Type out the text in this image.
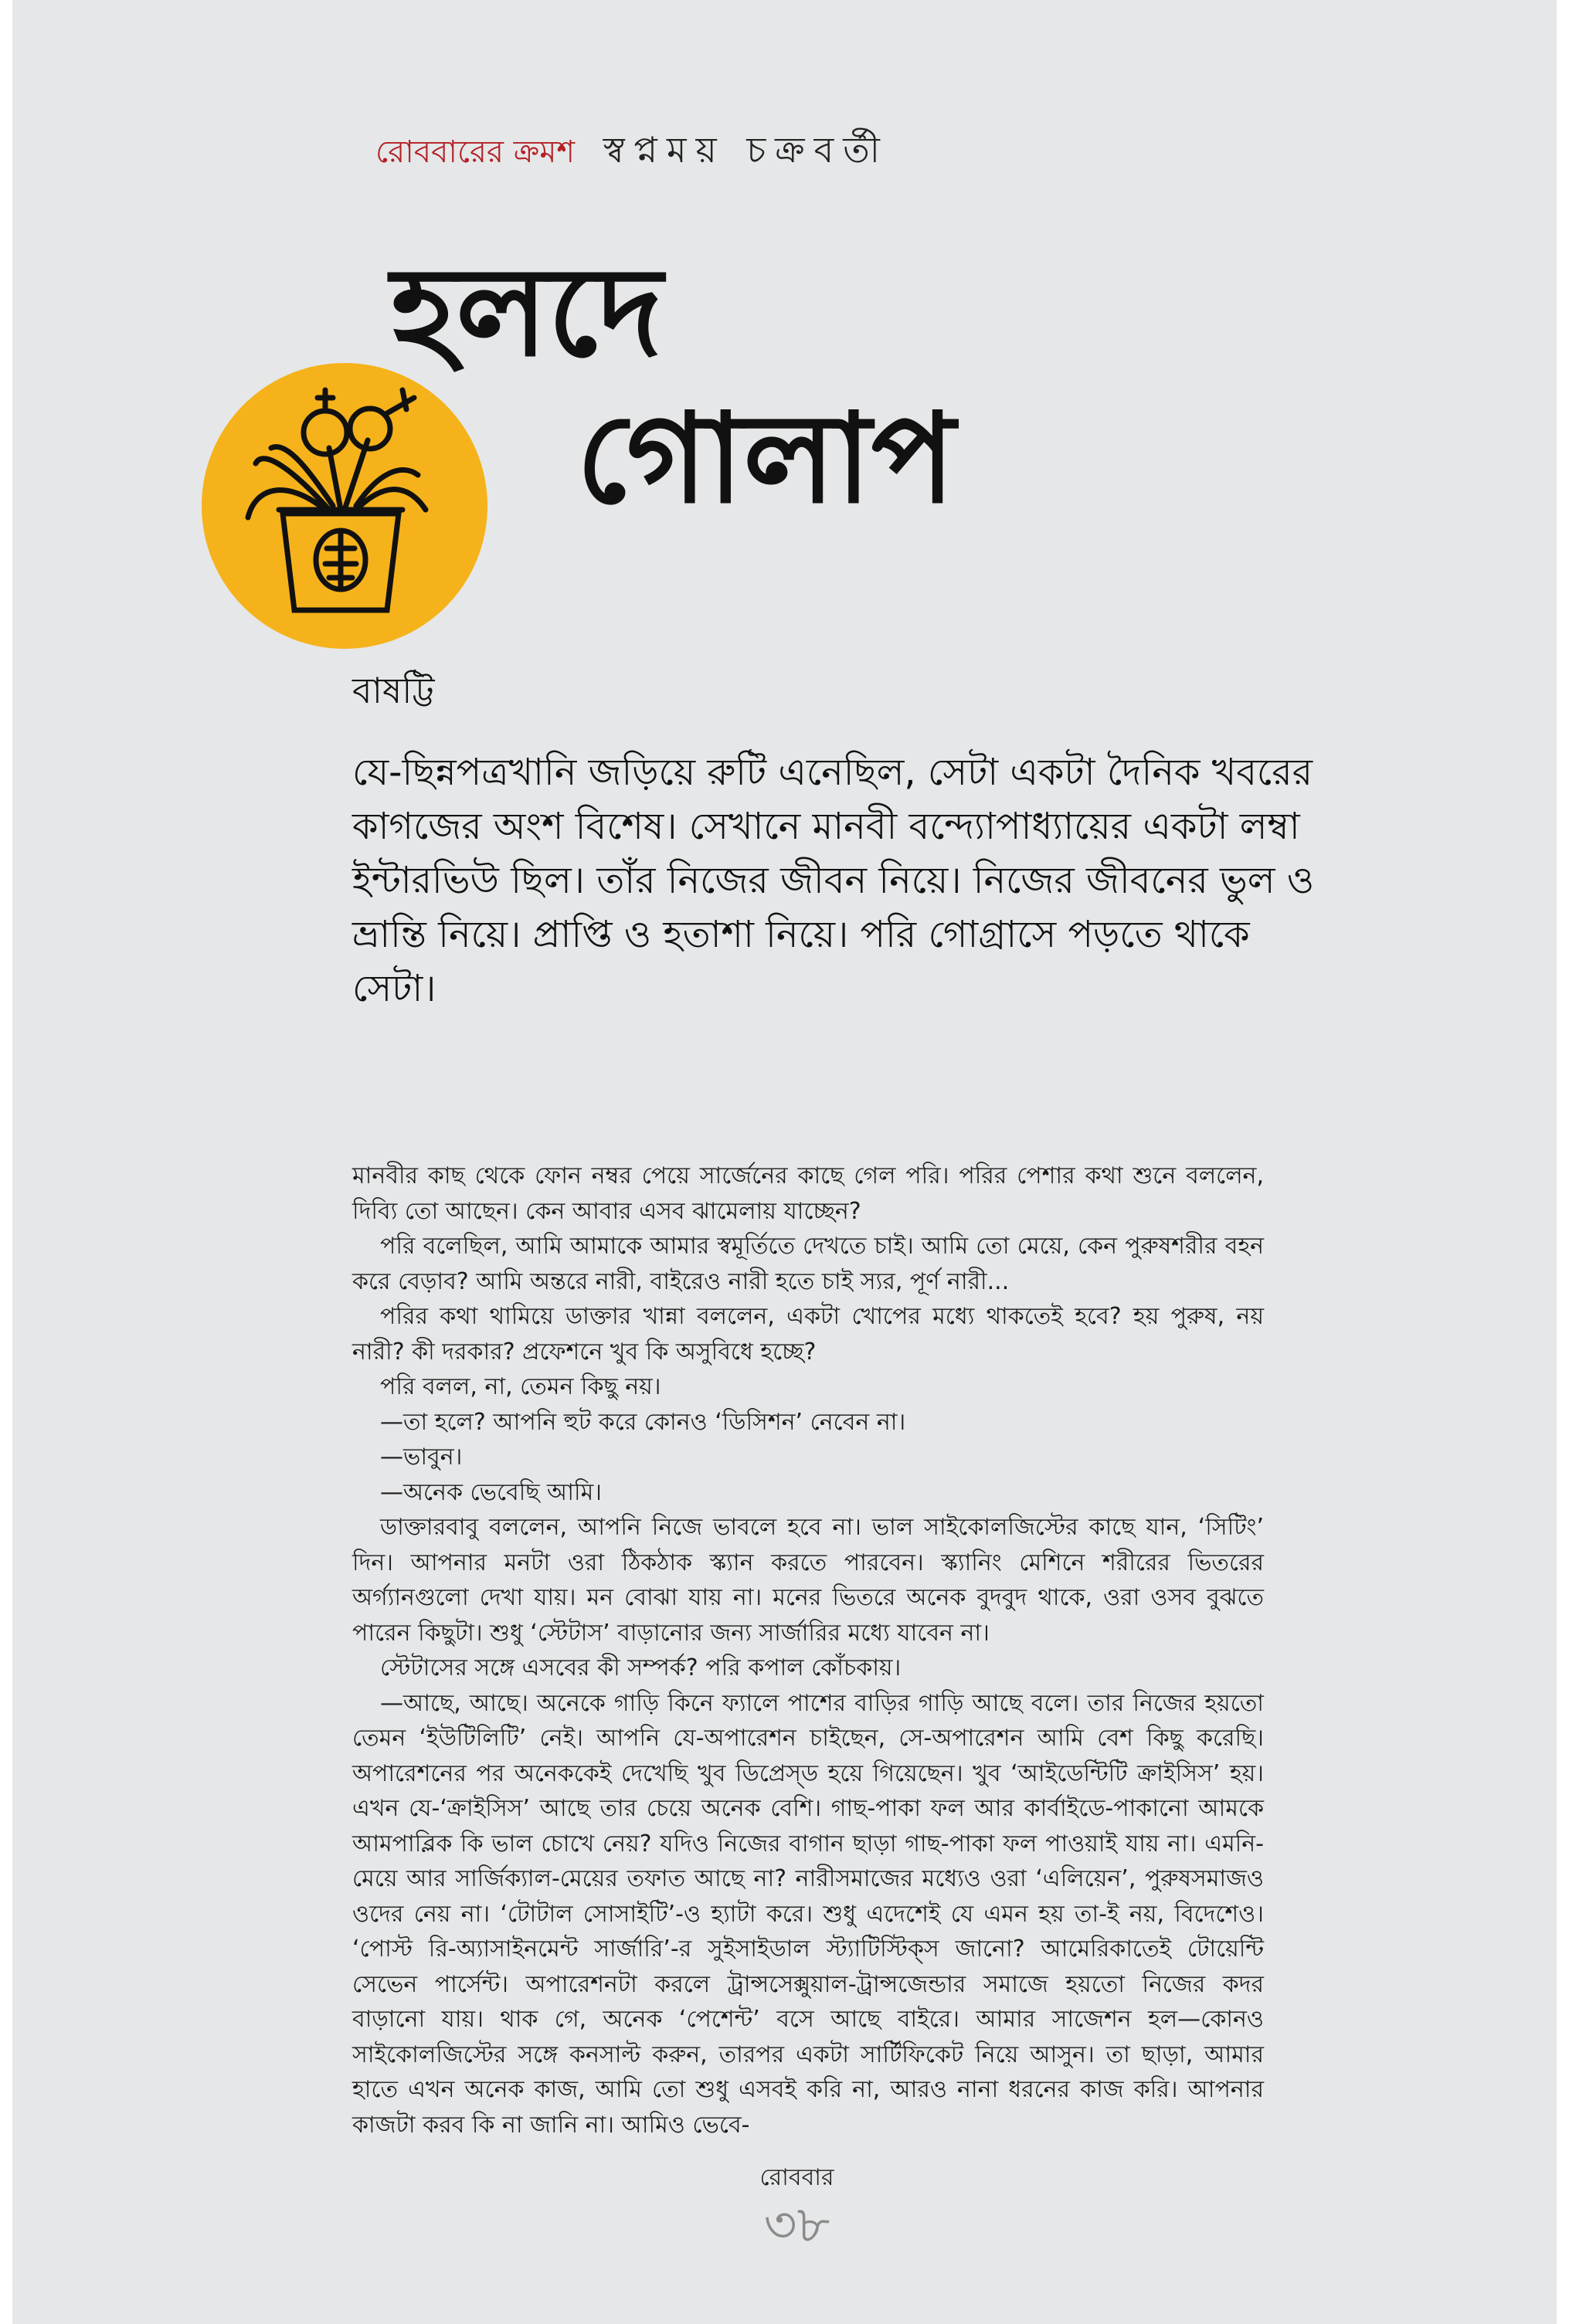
রোববারের ক্রমশ স্বপ্নময় চক্রবর্তী
হলদে
গোলাপ
বাষট্টি
যে-ছিন্নপত্রখানি জড়িয়ে রুটি এনেছিল, সেটা একটা দৈনিক খবরের কাগজের অংশ বিশেষ। সেখানে মানবী বন্দ্যোপাধ্যায়ের একটা লম্বা ইন্টারভিউ ছিল। তাঁর নিজের জীবন নিয়ে। নিজের জীবনের ভুল ও ভ্রান্তি নিয়ে। প্রাপ্তি ও হতাশা নিয়ে। পরি গোগ্রাসে পড়তে থাকে সেটা।

মানবীর কাছ থেকে ফোন নম্বর পেয়ে সার্জেনের কাছে গেল পরি। পরির পেশার কথা শুনে বললেন, দিব্যি তো আছেন। কেন আবার এসব ঝামেলায় যাচ্ছেন?

পরি বলেছিল, আমি আমাকে আমার স্বমূর্তিতে দেখতে চাই। আমি তো মেয়ে, কেন পুরুষশরীর বহন করে বেড়াব? আমি অন্তরে নারী, বাইরেও নারী হতে চাই স্যর, পূর্ণ নারী...

পরির কথা থামিয়ে ডাক্তার খান্না বললেন, একটা খোপের মধ্যে থাকতেই হবে? হয় পুরুষ, নয় নারী? কী দরকার? প্রফেশনে খুব কি অসুবিধে হচ্ছে?

পরি বলল, না, তেমন কিছু নয়।

—তা হলে? আপনি হুট করে কোনও ‘ডিসিশন’ নেবেন না।

—ভাবুন।

—অনেক ভেবেছি আমি।

ডাক্তারবাবু বললেন, আপনি নিজে ভাবলে হবে না। ভাল সাইকোলজিস্টের কাছে যান, ‘সিটিং’ দিন। আপনার মনটা ওরা ঠিকঠাক স্ক্যান করতে পারবেন। স্ক্যানিং মেশিনে শরীরের ভিতরের অর্গ্যানগুলো দেখা যায়। মন বোঝা যায় না। মনের ভিতরে অনেক বুদবুদ থাকে, ওরা ওসব বুঝতে পারেন কিছুটা। শুধু ‘স্টেটাস’ বাড়ানোর জন্য সার্জারির মধ্যে যাবেন না।

স্টেটাসের সঙ্গে এসবের কী সম্পর্ক? পরি কপাল কোঁচকায়।

—আছে, আছে। অনেকে গাড়ি কিনে ফ্যালে পাশের বাড়ির গাড়ি আছে বলে। তার নিজের হয়তো তেমন ‘ইউটিলিটি’ নেই। আপনি যে-অপারেশন চাইছেন, সে-অপারেশন আমি বেশ কিছু করেছি। অপারেশনের পর অনেককেই দেখেছি খুব ডিপ্রেস্‌ড হয়ে গিয়েছেন। খুব ‘আইডেন্টিটি ক্রাইসিস’ হয়। এখন যে-‘ক্রাইসিস’ আছে তার চেয়ে অনেক বেশি। গাছ-পাকা ফল আর কার্বাইডে-পাকানো আমকে আমপাব্লিক কি ভাল চোখে নেয়? যদিও নিজের বাগান ছাড়া গাছ-পাকা ফল পাওয়াই যায় না। এমনি-মেয়ে আর সার্জিক্যাল-মেয়ের তফাত আছে না? নারীসমাজের মধ্যেও ওরা ‘এলিয়েন’, পুরুষসমাজও ওদের নেয় না। ‘টোটাল সোসাইটি’-ও হ্যাটা করে। শুধু এদেশেই যে এমন হয় তা-ই নয়, বিদেশেও। ‘পোস্ট রি-অ্যাসাইনমেন্ট সার্জারি’-র সুইসাইডাল স্ট্যাটিস্টিক্‌স জানো? আমেরিকাতেই টোয়েন্টি সেভেন পার্সেন্ট। অপারেশনটা করলে ট্রান্সসেক্সুয়াল-ট্রান্সজেন্ডার সমাজে হয়তো নিজের কদর বাড়ানো যায়। থাক গে, অনেক ‘পেশেন্ট’ বসে আছে বাইরে। আমার সাজেশন হল—কোনও সাইকোলজিস্টের সঙ্গে কনসাল্ট করুন, তারপর একটা সার্টিফিকেট নিয়ে আসুন। তা ছাড়া, আমার হাতে এখন অনেক কাজ, আমি তো শুধু এসবই করি না, আরও নানা ধরনের কাজ করি। আপনার কাজটা করব কি না জানি না। আমিও ভেবে-

রোববার
৩৮
